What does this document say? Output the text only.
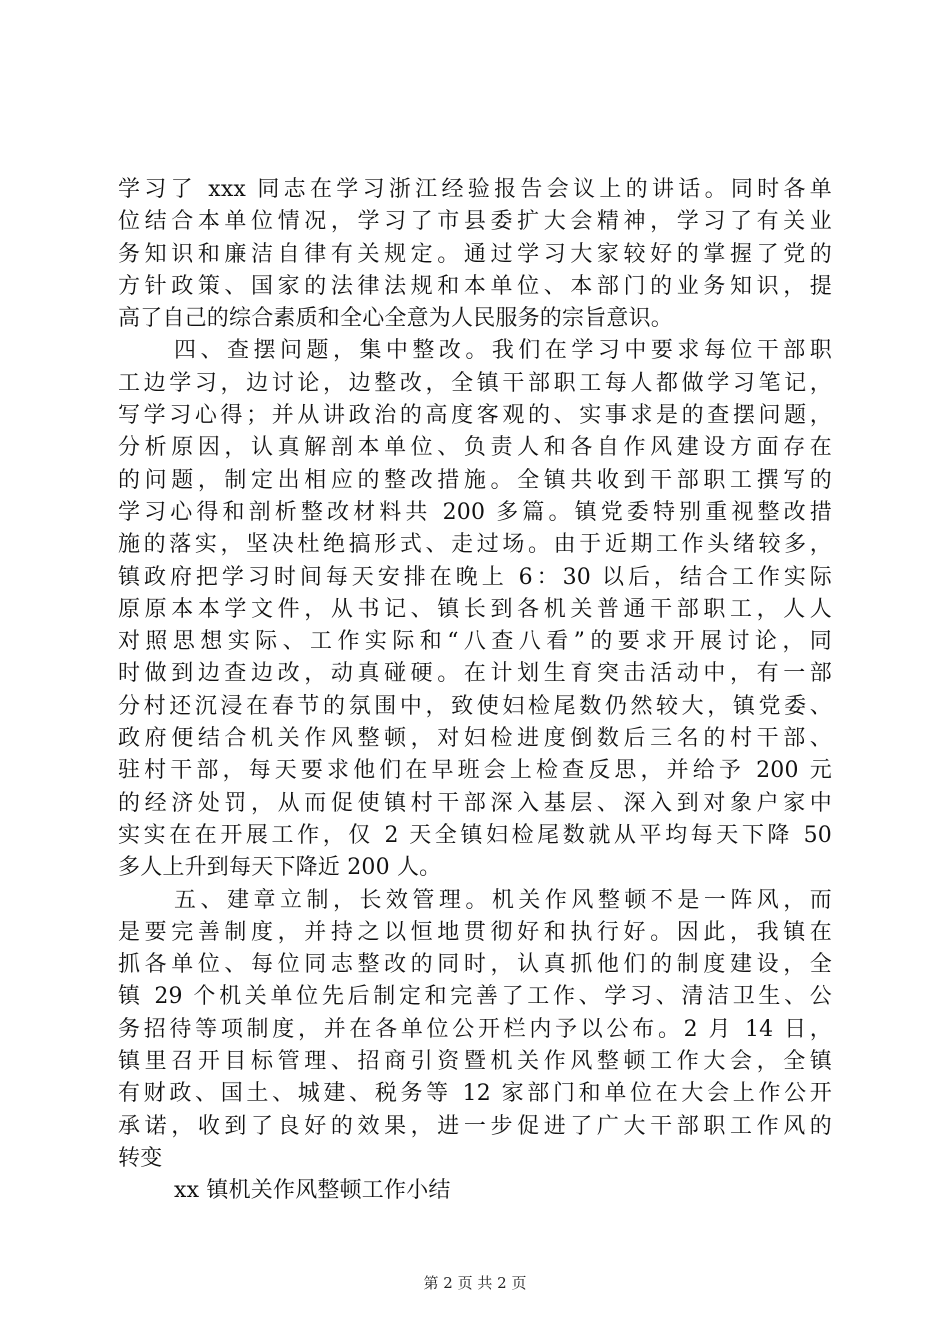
学习了 xxx 同志在学习浙江经验报告会议上的讲话。同时各单
位结合本单位情况，学习了市县委扩大会精神，学习了有关业
务知识和廉洁自律有关规定。通过学习大家较好的掌握了党的
方针政策、国家的法律法规和本单位、本部门的业务知识，提
高了自己的综合素质和全心全意为人民服务的宗旨意识。
四、查摆问题，集中整改。我们在学习中要求每位干部职
工边学习，边讨论，边整改，全镇干部职工每人都做学习笔记，
写学习心得；并从讲政治的高度客观的、实事求是的查摆问题，
分析原因，认真解剖本单位、负责人和各自作风建设方面存在
的问题，制定出相应的整改措施。全镇共收到干部职工撰写的
学习心得和剖析整改材料共 200 多篇。镇党委特别重视整改措
施的落实，坚决杜绝搞形式、走过场。由于近期工作头绪较多，
镇政府把学习时间每天安排在晚上 6：30 以后，结合工作实际
原原本本学文件，从书记、镇长到各机关普通干部职工，人人
对照思想实际、工作实际和“八查八看”的要求开展讨论，同
时做到边查边改，动真碰硬。在计划生育突击活动中，有一部
分村还沉浸在春节的氛围中，致使妇检尾数仍然较大，镇党委、
政府便结合机关作风整顿，对妇检进度倒数后三名的村干部、
驻村干部，每天要求他们在早班会上检查反思，并给予 200 元
的经济处罚，从而促使镇村干部深入基层、深入到对象户家中
实实在在开展工作，仅 2 天全镇妇检尾数就从平均每天下降 50
多人上升到每天下降近 200 人。
五、建章立制，长效管理。机关作风整顿不是一阵风，而
是要完善制度，并持之以恒地贯彻好和执行好。因此，我镇在
抓各单位、每位同志整改的同时，认真抓他们的制度建设，全
镇 29 个机关单位先后制定和完善了工作、学习、清洁卫生、公
务招待等项制度，并在各单位公开栏内予以公布。2 月 14 日，
镇里召开目标管理、招商引资暨机关作风整顿工作大会，全镇
有财政、国土、城建、税务等 12 家部门和单位在大会上作公开
承诺，收到了良好的效果，进一步促进了广大干部职工作风的
转变
xx 镇机关作风整顿工作小结
第 2 页 共 2 页
